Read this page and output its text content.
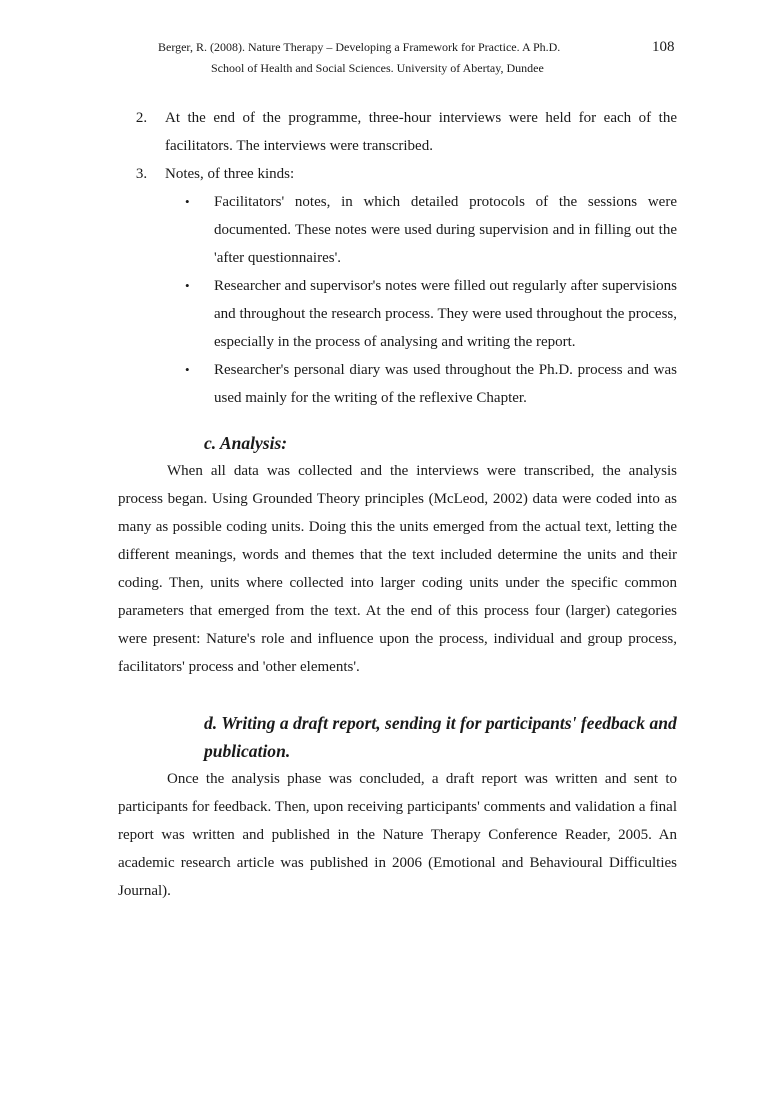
Berger, R. (2008). Nature Therapy – Developing a Framework for Practice. A Ph.D.	108
School of Health and Social Sciences. University of Abertay, Dundee
2.	At the end of the programme, three-hour interviews were held for each of the facilitators. The interviews were transcribed.
3.	Notes, of three kinds:
• Facilitators' notes, in which detailed protocols of the sessions were documented. These notes were used during supervision and in filling out the 'after questionnaires'.
• Researcher and supervisor's notes were filled out regularly after supervisions and throughout the research process. They were used throughout the process, especially in the process of analysing and writing the report.
• Researcher's personal diary was used throughout the Ph.D. process and was used mainly for the writing of the reflexive Chapter.
c. Analysis:

When all data was collected and the interviews were transcribed, the analysis process began. Using Grounded Theory principles (McLeod, 2002) data were coded into as many as possible coding units. Doing this the units emerged from the actual text, letting the different meanings, words and themes that the text included determine the units and their coding. Then, units where collected into larger coding units under the specific common parameters that emerged from the text. At the end of this process four (larger) categories were present: Nature's role and influence upon the process, individual and group process, facilitators' process and 'other elements'.

d. Writing a draft report, sending it for participants' feedback and publication.

Once the analysis phase was concluded, a draft report was written and sent to participants for feedback. Then, upon receiving participants' comments and validation a final report was written and published in the Nature Therapy Conference Reader, 2005. An academic research article was published in 2006 (Emotional and Behavioural Difficulties Journal).
